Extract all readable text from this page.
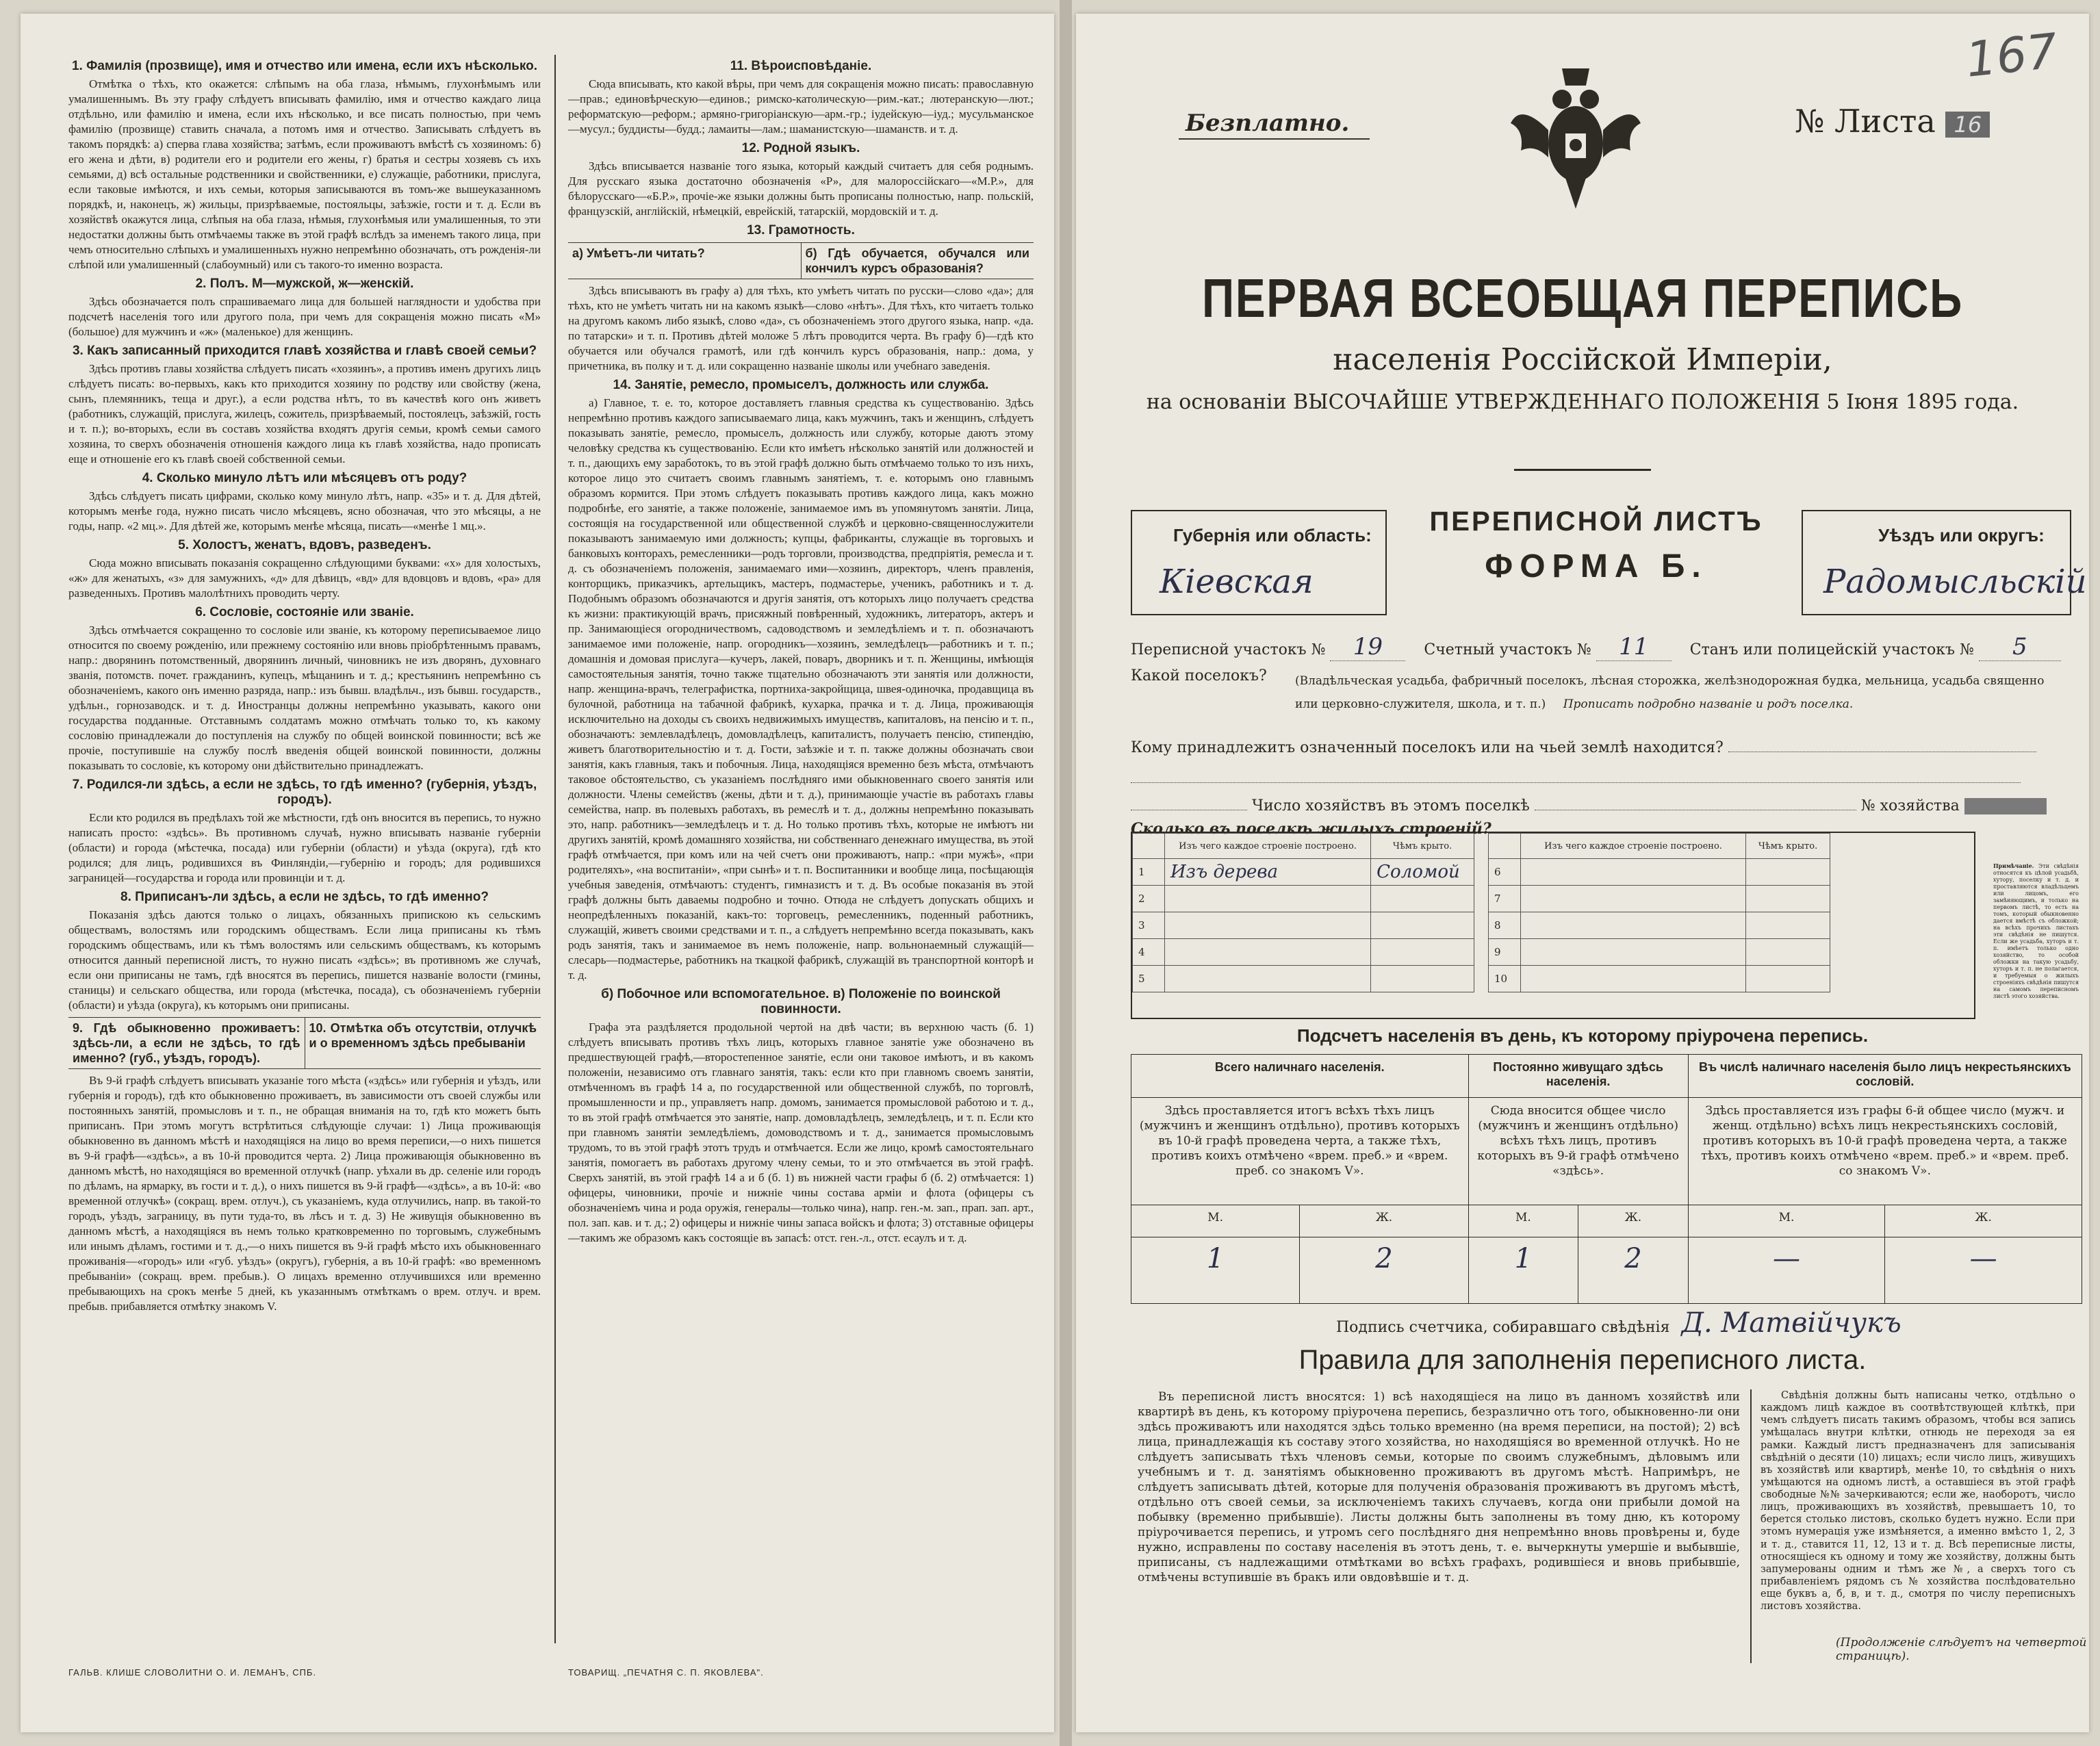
1. Фамилія (прозвище), имя и отчество или имена, если ихъ нѣсколько.
Отмѣтка о тѣхъ, кто окажется: слѣпымъ на оба глаза, нѣмымъ, глухонѣмымъ или умалишеннымъ. Въ эту графу слѣдуетъ вписывать фамилію, имя и отчество каждаго лица отдѣльно, или фамилію и имена, если ихъ нѣсколько, и все писать полностью, при чемъ фамилію (прозвище) ставить сначала, а потомъ имя и отчество. Записывать слѣдуетъ въ такомъ порядкѣ: а) сперва глава хозяйства; затѣмъ, если проживаютъ вмѣстѣ съ хозяиномъ: б) его жена и дѣти, в) родители его и родители его жены, г) братья и сестры хозяевъ съ ихъ семьями, д) всѣ остальные родственники и свойственники, е) служащіе, работники, прислуга, если таковые имѣются, и ихъ семьи, которыя записываются въ томъ-же вышеуказанномъ порядкѣ, и, наконецъ, ж) жильцы, призрѣваемые, постояльцы, заѣзжіе, гости и т. д. Если въ хозяйствѣ окажутся лица, слѣпыя на оба глаза, нѣмыя, глухонѣмыя или умалишенныя, то эти недостатки должны быть отмѣчаемы также въ этой графѣ вслѣдъ за именемъ такого лица, при чемъ относительно слѣпыхъ и умалишенныхъ нужно непремѣнно обозначать, отъ рожденія-ли слѣпой или умалишенный (слабоумный) или съ такого-то именно возраста.
2. Полъ. М—мужской, ж—женскій.
Здѣсь обозначается полъ спрашиваемаго лица для большей наглядности и удобства при подсчетѣ населенія того или другого пола, при чемъ для сокращенія можно писать «М» (большое) для мужчинъ и «ж» (маленькое) для женщинъ.
3. Какъ записанный приходится главѣ хозяйства и главѣ своей семьи?
Здѣсь противъ главы хозяйства слѣдуетъ писать «хозяинъ», а противъ именъ другихъ лицъ слѣдуетъ писать: во-первыхъ, какъ кто приходится хозяину по родству или свойству (жена, сынъ, племянникъ, теща и друг.), а если родства нѣтъ, то въ качествѣ кого онъ живетъ (работникъ, служащій, прислуга, жилецъ, сожитель, призрѣваемый, постоялецъ, заѣзжій, гость и т. п.); во-вторыхъ, если въ составъ хозяйства входятъ другія семьи, кромѣ семьи самого хозяина, то сверхъ обозначенія отношенія каждого лица къ главѣ хозяйства, надо прописать еще и отношеніе его къ главѣ своей собственной семьи.
4. Сколько минуло лѣтъ или мѣсяцевъ отъ роду?
Здѣсь слѣдуетъ писать цифрами, сколько кому минуло лѣтъ, напр. «35» и т. д. Для дѣтей, которымъ менѣе года, нужно писать число мѣсяцевъ, ясно обозначая, что это мѣсяцы, а не годы, напр. «2 мц.». Для дѣтей же, которымъ менѣе мѣсяца, писать—«менѣе 1 мц.».
5. Холостъ, женатъ, вдовъ, разведенъ.
Сюда можно вписывать показанія сокращенно слѣдующими буквами: «х» для холостыхъ, «ж» для женатыхъ, «з» для замужнихъ, «д» для дѣвицъ, «вд» для вдовцовъ и вдовъ, «ра» для разведенныхъ. Противъ малолѣтнихъ проводить черту.
6. Сословіе, состояніе или званіе.
Здѣсь отмѣчается сокращенно то сословіе или званіе, къ которому переписываемое лицо относится по своему рожденію, или прежнему состоянію или вновь пріобрѣтеннымъ правамъ, напр.: дворянинъ потомственный, дворянинъ личный, чиновникъ не изъ дворянъ, духовнаго званія, потомств. почет. гражданинъ, купецъ, мѣщанинъ и т. д.; крестьянинъ непремѣнно съ обозначеніемъ, какого онъ именно разряда, напр.: изъ бывш. владѣльч., изъ бывш. государств., удѣльн., горнозаводск. и т. д. Иностранцы должны непремѣнно указывать, какого они государства подданные. Отставнымъ солдатамъ можно отмѣчать только то, къ какому сословію принадлежали до поступленія на службу по общей воинской повинности; всѣ же прочіе, поступившіе на службу послѣ введенія общей воинской повинности, должны показывать то сословіе, къ которому они дѣйствительно принадлежатъ.
7. Родился-ли здѣсь, а если не здѣсь, то гдѣ именно? (губернія, уѣздъ, городъ).
Если кто родился въ предѣлахъ той же мѣстности, гдѣ онъ вносится въ перепись, то нужно написать просто: «здѣсь». Въ противномъ случаѣ, нужно вписывать названіе губерніи (области) и города (мѣстечка, посада) или губерніи (области) и уѣзда (округа), гдѣ кто родился; для лицъ, родившихся въ Финляндіи,—губернію и городъ; для родившихся заграницей—государства и города или провинціи и т. д.
8. Приписанъ-ли здѣсь, а если не здѣсь, то гдѣ именно?
Показанія здѣсь даются только о лицахъ, обязанныхъ припискою къ сельскимъ обществамъ, волостямъ или городскимъ обществамъ. Если лица приписаны къ тѣмъ городскимъ обществамъ, или къ тѣмъ волостямъ или сельскимъ обществамъ, къ которымъ относится данный переписной листъ, то нужно писать «здѣсь»; въ противномъ же случаѣ, если они приписаны не тамъ, гдѣ вносятся въ перепись, пишется названіе волости (гмины, станицы) и сельскаго общества, или города (мѣстечка, посада), съ обозначеніемъ губерніи (области) и уѣзда (округа), къ которымъ они приписаны.
9. Гдѣ обыкновенно проживаетъ: здѣсь-ли, а если не здѣсь, то гдѣ именно? (губ., уѣздъ, городъ).
10. Отмѣтка объ отсутствіи, отлучкѣ и о временномъ здѣсь пребываніи
Въ 9-й графѣ слѣдуетъ вписывать указаніе того мѣста («здѣсь» или губернія и уѣздъ, или губернія и городъ), гдѣ кто обыкновенно проживаетъ, въ зависимости отъ своей службы или постоянныхъ занятій, промысловъ и т. п., не обращая вниманія на то, гдѣ кто можетъ быть приписанъ. При этомъ могутъ встрѣтиться слѣдующіе случаи: 1) Лица проживающія обыкновенно въ данномъ мѣстѣ и находящіяся на лицо во время переписи,—о нихъ пишется въ 9-й графѣ—«здѣсь», а въ 10-й проводится черта. 2) Лица проживающія обыкновенно въ данномъ мѣстѣ, но находящіяся во временной отлучкѣ (напр. уѣхали въ др. селеніе или городъ по дѣламъ, на ярмарку, въ гости и т. д.), о нихъ пишется въ 9-й графѣ—«здѣсь», а въ 10-й: «во временной отлучкѣ» (сокращ. врем. отлуч.), съ указаніемъ, куда отлучились, напр. въ такой-то городъ, уѣздъ, заграницу, въ пути тудa-то, въ лѣсъ и т. д. 3) Не живущія обыкновенно въ данномъ мѣстѣ, а находящіяся въ немъ только кратковременно по торговымъ, служебнымъ или инымъ дѣламъ, гостими и т. д.,—о нихъ пишется въ 9-й графѣ мѣсто ихъ обыкновеннаго проживанія—«городъ» или «губ. уѣздъ» (округъ), губернія, а въ 10-й графѣ: «во временномъ пребываніи» (сокращ. врем. пребыв.). О лицахъ временно отлучившихся или временно пребывающихъ на срокъ менѣе 5 дней, къ указаннымъ отмѣткамъ о врем. отлуч. и врем. пребыв. прибавляется отмѣтку знакомъ V.
11. Вѣроисповѣданіе.
Сюда вписывать, кто какой вѣры, при чемъ для сокращенія можно писать: православную—прав.; единовѣрческую—единов.; римско-католическую—рим.-кат.; лютеранскую—лют.; реформатскую—реформ.; армяно-григоріанскую—арм.-гр.; іудейскую—іуд.; мусульманское—мусул.; буддисты—будд.; ламаиты—лам.; шаманистскую—шаманств. и т. д.
12. Родной языкъ.
Здѣсь вписывается названіе того языка, который каждый считаетъ для себя роднымъ. Для русскаго языка достаточно обозначенія «Р», для малороссійскаго—«М.Р.», для бѣлорусскаго—«Б.Р.», прочіе-же языки должны быть прописаны полностью, напр. польскій, французскій, англійскій, нѣмецкій, еврейскій, татарскій, мордовскій и т. д.
13. Грамотность.
а) Умѣетъ-ли читать?	б) Гдѣ обучается, обучался или кончилъ курсъ образованія?
Здѣсь вписываютъ въ графу а) для тѣхъ, кто умѣетъ читать по русски—слово «да»; для тѣхъ, кто не умѣетъ читать ни на какомъ языкѣ—слово «нѣтъ». Для тѣхъ, кто читаетъ только на другомъ какомъ либо языкѣ, слово «да», съ обозначеніемъ этого другого языка, напр. «да. по татарски» и т. п. Противъ дѣтей моложе 5 лѣтъ проводится черта. Въ графу б)—гдѣ кто обучается или обучался грамотѣ, или гдѣ кончилъ курсъ образованія, напр.: дома, у причетника, въ полку и т. д. или сокращенно названіе школы или учебнаго заведенія.
14. Занятіе, ремесло, промыселъ, должность или служба.
а) Главное, т. е. то, которое доставляетъ главныя средства къ существованію. Здѣсь непремѣнно противъ каждого записываемаго лица, какъ мужчинъ, такъ и женщинъ, слѣдуетъ показывать занятіе, ремесло, промыселъ, должность или службу, которые даютъ этому человѣку средства къ существованію. Если кто имѣетъ нѣсколько занятій или должностей и т. п., дающихъ ему заработокъ, то въ этой графѣ должно быть отмѣчаемо только то изъ нихъ, которое лицо это считаетъ своимъ главнымъ занятіемъ, т. е. которымъ оно главнымъ образомъ кормится. При этомъ слѣдуетъ показывать противъ каждого лица, какъ можно подробнѣе, его занятіе, а также положеніе, занимаемое имъ въ упомянутомъ занятіи. Лица, состоящія на государственной или общественной службѣ и церковно-священнослужители показываютъ занимаемую ими должность; купцы, фабриканты, служащіе въ торговыхъ и банковыхъ конторахъ, ремесленники—родъ торговли, производства, предпріятія, ремесла и т. д. съ обозначеніемъ положенія, занимаемаго ими—хозяинъ, директоръ, членъ правленія, конторщикъ, приказчикъ, артельщикъ, мастеръ, подмастерье, ученикъ, работникъ и т. д. Подобнымъ образомъ обозначаются и другія занятія, отъ которыхъ лицо получаетъ средства къ жизни: практикующій врачъ, присяжный повѣренный, художникъ, литераторъ, актеръ и пр. Занимающіеся огородничествомъ, садоводствомъ и земледѣліемъ и т. п. обозначаютъ занимаемое ими положеніе, напр. огородникъ—хозяинъ, земледѣлецъ—работникъ и т. п.; домашнія и домовая прислуга—кучеръ, лакей, поваръ, дворникъ и т. п. Женщины, имѣющія самостоятельныя занятія, точно также тщательно обозначаютъ эти занятія или должности, напр. женщина-врачъ, телеграфистка, портниха-закройщица, швея-одиночка, продавщица въ булочной, работница на табачной фабрикѣ, кухарка, прачка и т. д. Лица, проживающія исключительно на доходы съ своихъ недвижимыхъ имуществъ, капиталовъ, на пенсію и т. п., обозначаютъ: землевладѣлецъ, домовладѣлецъ, капиталистъ, получаетъ пенсію, стипендію, живетъ благотворительностію и т. д. Гости, заѣзжіе и т. п. также должны обозначать свои занятія, какъ главныя, такъ и побочныя. Лица, находящіяся временно безъ мѣста, отмѣчаютъ таковое обстоятельство, съ указаніемъ послѣдняго ими обыкновеннаго своего занятія или должности. Члены семействъ (жены, дѣти и т. д.), принимающіе участіе въ работахъ главы семейства, напр. въ полевыхъ работахъ, въ ремеслѣ и т. д., должны непремѣнно показывать это, напр. работникъ—земледѣлецъ и т. д. Но только противъ тѣхъ, которые не имѣютъ ни другихъ занятій, кромѣ домашняго хозяйства, ни собственнаго денежнаго имущества, въ этой графѣ отмѣчается, при комъ или на чей счетъ они проживаютъ, напр.: «при мужѣ», «при родителяхъ», «на воспитаніи», «при сынѣ» и т. п. Воспитанники и вообще лица, посѣщающія учебныя заведенія, отмѣчаютъ: студентъ, гимназистъ и т. д. Въ особые показанія въ этой графѣ должны быть даваемы подробно и точно. Отюда не слѣдуетъ допускать общихъ и неопредѣленныхъ показаній, какъ-то: торговецъ, ремесленникъ, поденный работникъ, служащій, живетъ своими средствами и т. п., а слѣдуетъ непремѣнно всегда показывать, какъ родъ занятія, такъ и занимаемое въ немъ положеніе, напр. вольнонаемный служащій—слесарь—подмастерье, работникъ на ткацкой фабрикѣ, служащій въ транспортной конторѣ и т. д.
б) Побочное или вспомогательное. в) Положеніе по воинской повинности.
Графа эта раздѣляется продольной чертой на двѣ части; въ верхнюю часть (б. 1) слѣдуетъ вписывать противъ тѣхъ лицъ, которыхъ главное занятіе уже обозначено въ предшествующей графѣ,—второстепенное занятіе, если они таковое имѣютъ, и въ какомъ положеніи, независимо отъ главнаго занятія, такъ: если кто при главномъ своемъ занятіи, отмѣченномъ въ графѣ 14 а, по государственной или общественной службѣ, по торговлѣ, промышленности и пр., управляетъ напр. домомъ, занимается промысловой работою и т. д., то въ этой графѣ отмѣчается это занятіе, напр. домовладѣлецъ, земледѣлецъ, и т. п. Если кто при главномъ занятіи земледѣліемъ, домоводствомъ и т. д., занимается промысловымъ трудомъ, то въ этой графѣ этотъ трудъ и отмѣчается. Если же лицо, кромѣ самостоятельнаго занятія, помогаетъ въ работахъ другому члену семьи, то и это отмѣчается въ этой графѣ. Сверхъ занятій, въ этой графѣ 14 а и б (б. 1) въ нижней части графы б (б. 2) отмѣчается: 1) офицеры, чиновники, прочіе и нижніе чины состава арміи и флота (офицеры съ обозначеніемъ чина и рода оружія, генералы—только чина), напр. ген.-м. зап., прап. зап. арт., пол. зап. кав. и т. д.; 2) офицеры и нижніе чины запаса войскъ и флота; 3) отставные офицеры—такимъ же образомъ какъ состоящіе въ запасѣ: отст. ген.-л., отст. есаулъ и т. д.
ГАЛЬВ. КЛИШЕ СЛОВОЛИТНИ О. И. ЛЕМАНЪ, СПБ.	ТОВАРИЩ. „ПЕЧАТНЯ С. П. ЯКОВЛЕВА".
Безплатно.	№ Листа 16
167
ПЕРВАЯ ВСЕОБЩАЯ ПЕРЕПИСЬ
населенія Россійской Имперіи,
на основаніи ВЫСОЧАЙШЕ УТВЕРЖДЕННАГО ПОЛОЖЕНІЯ 5 Іюня 1895 года.
Губернія или область:
Кіевская
ПЕРЕПИСНОЙ ЛИСТЪ
ФОРМА Б.
Уѣздъ или округъ:
Радомысльскій
Переписной участокъ № 19	Счетный участокъ № 11	Станъ или полицейскій участокъ № 5
Какой поселокъ? (Владѣльческая усадьба, фабричный поселокъ, лѣсная сторожка, желѣзнодорожная будка, мельница, усадьба священно или церковно-служителя, школа, и т. п.) Прописать подробно названіе и родъ поселка.
Кому принадлежитъ означенный поселокъ или на чьей землѣ находится?
Число хозяйствъ въ этомъ поселкѣ	№ хозяйства
Сколько въ поселкѣ жилыхъ строеній?
	Изъ чего каждое строеніе построено.	Чѣмъ крыто.
1	Изъ дерева	Соломой
2		
3		
4		
5		
	Изъ чего каждое строеніе построено.	Чѣмъ крыто.
6		
7		
8		
9		
10		
Примѣчаніе. Эти свѣдѣнія относятся къ цѣлой усадьбѣ, хутору, поселку и т. д. и проставляются владѣльцемъ или лицомъ, его замѣняющимъ, и только на первомъ листѣ, то есть на томъ, который обыкновенно дается вмѣстѣ съ обложкой; на всѣхъ прочихъ листахъ эти свѣдѣнія не пишутся. Если же усадьба, хуторъ и т. п. имѣетъ только одно хозяйство, то особой обложки на такую усадьбу, хуторъ и т. п. не полагается, и требуемыя о жилыхъ строеніяхъ свѣдѣнія пишутся на самомъ переписномъ листѣ этого хозяйства.
Подсчетъ населенія въ день, къ которому пріурочена перепись.
Всего наличнаго населенія.		Постоянно живущаго здѣсь населенія.		Въ числѣ наличнаго населенія было лицъ некрестьянскихъ сословій.	
Здѣсь проставляется итогъ всѣхъ тѣхъ лицъ (мужчинъ и женщинъ отдѣльно), противъ которыхъ въ 10-й графѣ проведена черта, а также тѣхъ, противъ коихъ отмѣчено «врем. преб.» и «врем. преб. со знакомъ V».		Сюда вносится общее число (мужчинъ и женщинъ отдѣльно) всѣхъ тѣхъ лицъ, противъ которыхъ въ 9-й графѣ отмѣчено «здѣсь».		Здѣсь проставляется изъ графы 6-й общее число (мужч. и женщ. отдѣльно) всѣхъ лицъ некрестьянскихъ сословій, противъ которыхъ въ 10-й графѣ проведена черта, а также тѣхъ, противъ коихъ отмѣчено «врем. преб.» и «врем. преб. со знакомъ V».	
М.	Ж.	М.	Ж.	М.	Ж.
1	2	1	2	—	—
Подпись счетчика, собиравшаго свѣдѣнія Д. Матвійчукъ
Правила для заполненія переписного листа.
Въ переписной листъ вносятся: 1) всѣ находящіеся на лицо въ данномъ хозяйствѣ или квартирѣ въ день, къ которому пріурочена перепись, безразлично отъ того, обыкновенно-ли они здѣсь проживаютъ или находятся здѣсь только временно (на время переписи, на постой); 2) всѣ лица, принадлежащія къ составу этого хозяйства, но находящіяся во временной отлучкѣ. Но не слѣдуетъ записывать тѣхъ членовъ семьи, которые по своимъ служебнымъ, дѣловымъ или учебнымъ и т. д. занятіямъ обыкновенно проживаютъ въ другомъ мѣстѣ. Напримѣръ, не слѣдуетъ записывать дѣтей, которые для полученія образованія проживаютъ въ другомъ мѣстѣ, отдѣльно отъ своей семьи, за исключеніемъ такихъ случаевъ, когда они прибыли домой на побывку (временно прибывшіе). Листы должны быть заполнены въ тому дню, къ которому пріурочивается перепись, и утромъ сего послѣдняго дня непремѣнно вновь провѣрены и, буде нужно, исправлены по составу населенія въ этотъ день, т. е. вычеркнуты умершіе и выбывшіе, приписаны, съ надлежащими отмѣтками во всѣхъ графахъ, родившіеся и вновь прибывшіе, отмѣчены вступившіе въ бракъ или овдовѣвшіе и т. д.
Свѣдѣнія должны быть написаны четко, отдѣльно о каждомъ лицѣ каждое въ соотвѣтствующей клѣткѣ, при чемъ слѣдуетъ писать такимъ образомъ, чтобы вся запись умѣщалась внутри клѣтки, отнюдь не переходя за ея рамки. Каждый листъ предназначенъ для записыванія свѣдѣній о десяти (10) лицахъ; если число лицъ, живущихъ въ хозяйствѣ или квартирѣ, менѣе 10, то свѣдѣнія о нихъ умѣщаются на одномъ листѣ, а оставшіеся въ этой графѣ свободные №№ зачеркиваются; если же, наоборотъ, число лицъ, проживающихъ въ хозяйствѣ, превышаетъ 10, то берется столько листовъ, сколько будетъ нужно. Если при этомъ нумерація уже измѣняется, а именно вмѣсто 1, 2, 3 и т. д., ставится 11, 12, 13 и т. д. Всѣ переписные листы, относящіеся къ одному и тому же хозяйству, должны быть запумерованы одним и тѣмъ же №, а сверхъ того съ прибавленіемъ рядомъ съ № хозяйства послѣдовательно еще буквъ а, б, в, и т. д., смотря по числу переписныхъ листовъ хозяйства.
(Продолженіе слѣдуетъ на четвертой страницѣ).
